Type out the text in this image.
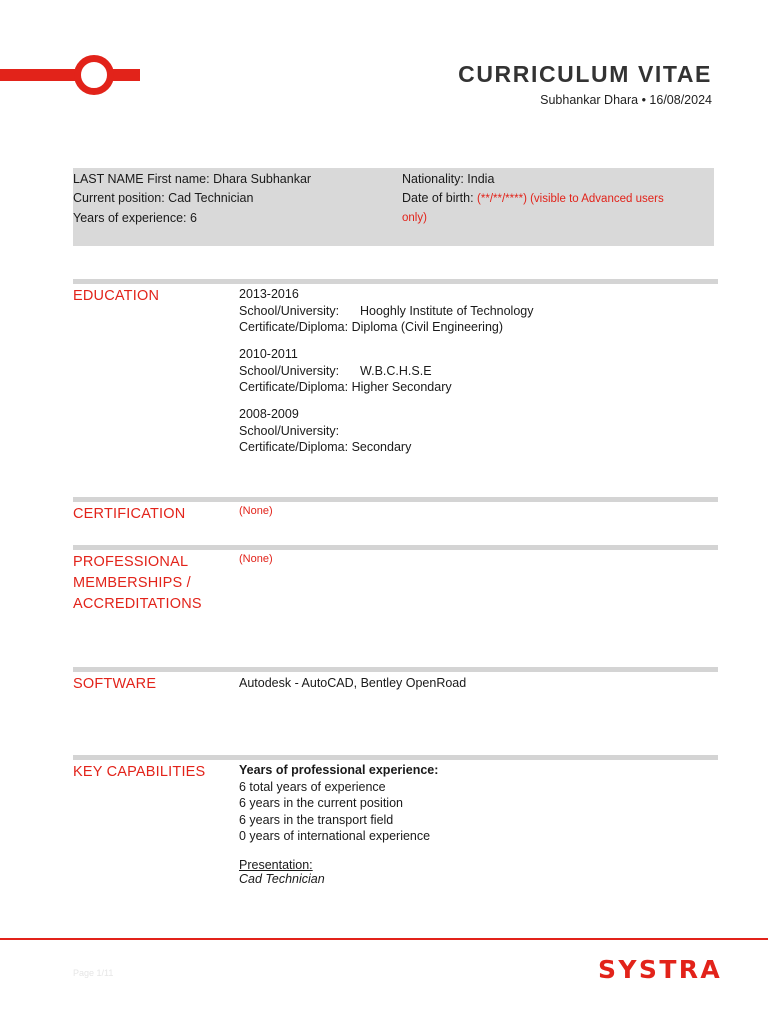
CURRICULUM VITAE
Subhankar Dhara • 16/08/2024
LAST NAME First name: Dhara Subhankar
Current position: Cad Technician
Years of experience: 6
Nationality: India
Date of birth: (**/**/****) (visible to Advanced users
only)
EDUCATION	2013-2016
School/University:	Hooghly Institute of Technology
Certificate/Diploma:
Diploma (Civil Engineering)
2010-2011
School/University:	W.B.C.H.S.E
Certificate/Diploma:
Higher Secondary
2008-2009
School/University:
Certificate/Diploma:
Secondary
CERTIFICATION	(None)
PROFESSIONAL
MEMBERSHIPS /
ACCREDITATIONS
(None)
SOFTWARE	Autodesk - AutoCAD, Bentley OpenRoad
KEY CAPABILITIES	Years of professional experience:
6 total years of experience
6 years in the current position
6 years in the transport field
0 years of international experience
Presentation:
Cad Technician
Page 1/11	SYSTRA
